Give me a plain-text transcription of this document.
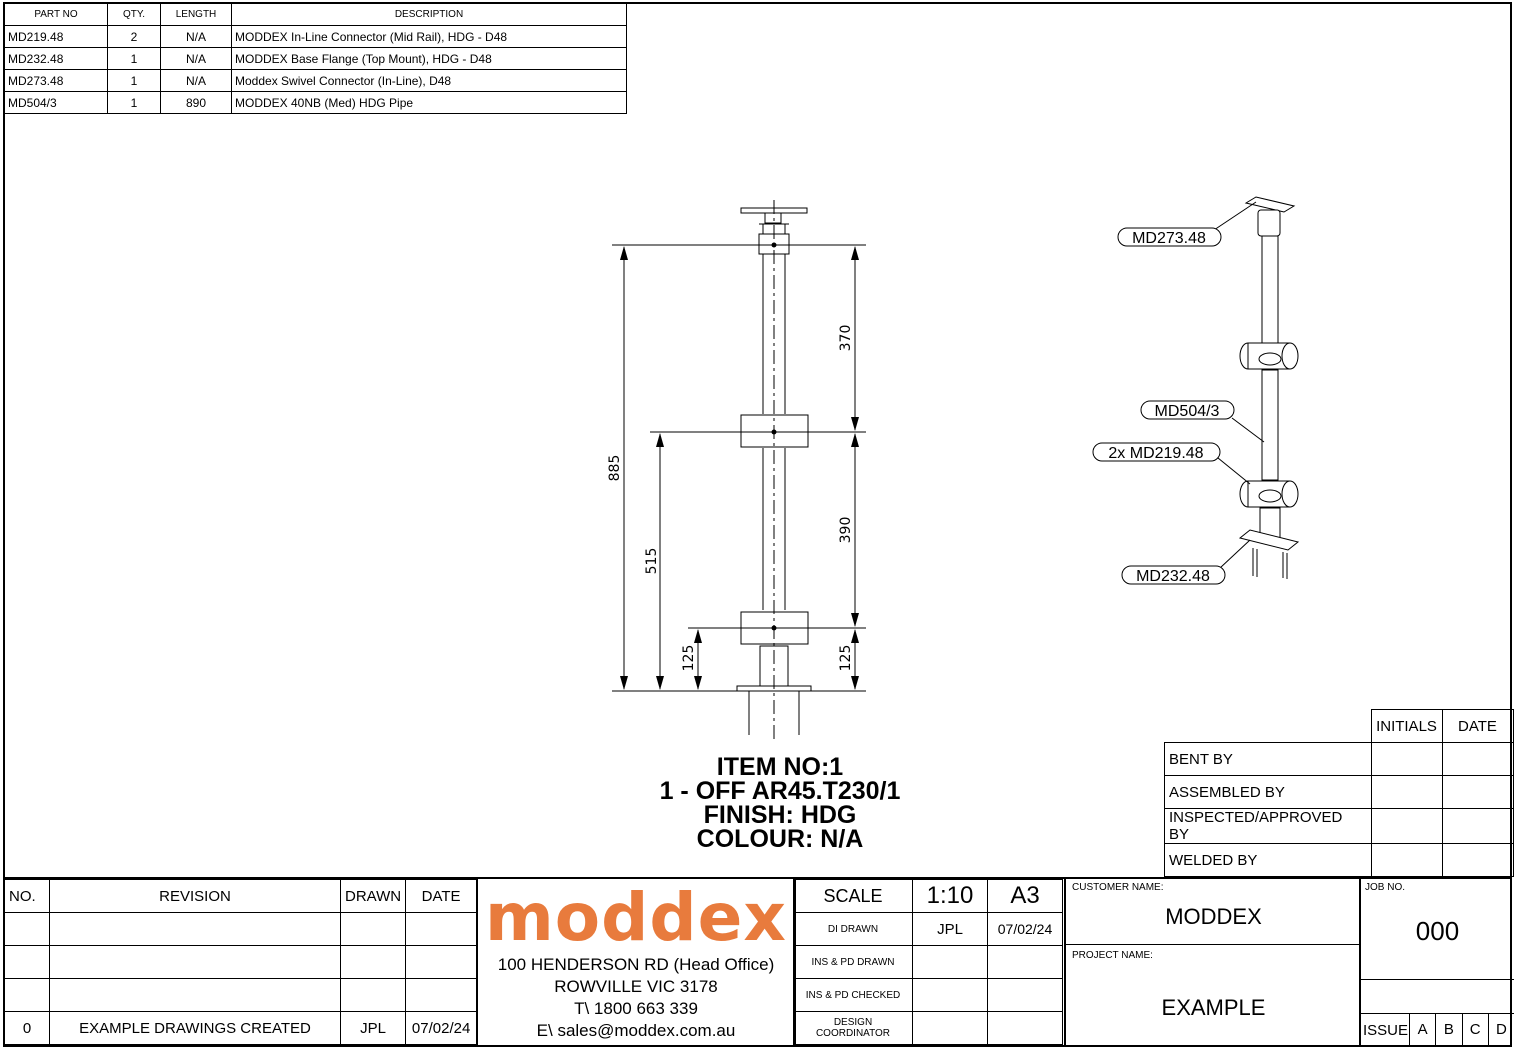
PART NO	QTY.	LENGTH	DESCRIPTION
MD219.48	2	N/A	MODDEX In-Line Connector (Mid Rail), HDG - D48
MD232.48	1	N/A	MODDEX Base Flange (Top Mount), HDG - D48
MD273.48	1	N/A	Moddex Swivel Connector (In-Line), D48
MD504/3	1	890	MODDEX 40NB (Med) HDG Pipe
885
515
125
370
390
125
MD273.48
MD504/3
2x MD219.48
MD232.48
ITEM NO:1
1 - OFF AR45.T230/1
FINISH: HDG
COLOUR: N/A
	INITIALS	DATE
BENT BY		
ASSEMBLED BY		
INSPECTED/APPROVED BY		
WELDED BY		
NO.	REVISION	DRAWN	DATE

0	EXAMPLE DRAWINGS CREATED	JPL	07/02/24
moddex
100 HENDERSON RD (Head Office)
ROWVILLE VIC 3178
T\ 1800 663 339
E\ sales@moddex.com.au
SCALE	1:10	A3
DI DRAWN	JPL	07/02/24
INS & PD DRAWN		
INS & PD CHECKED		
DESIGN COORDINATOR		
CUSTOMER NAME:
MODDEX
PROJECT NAME:
EXAMPLE
JOB NO.
000
ISSUE A	B	C	D
